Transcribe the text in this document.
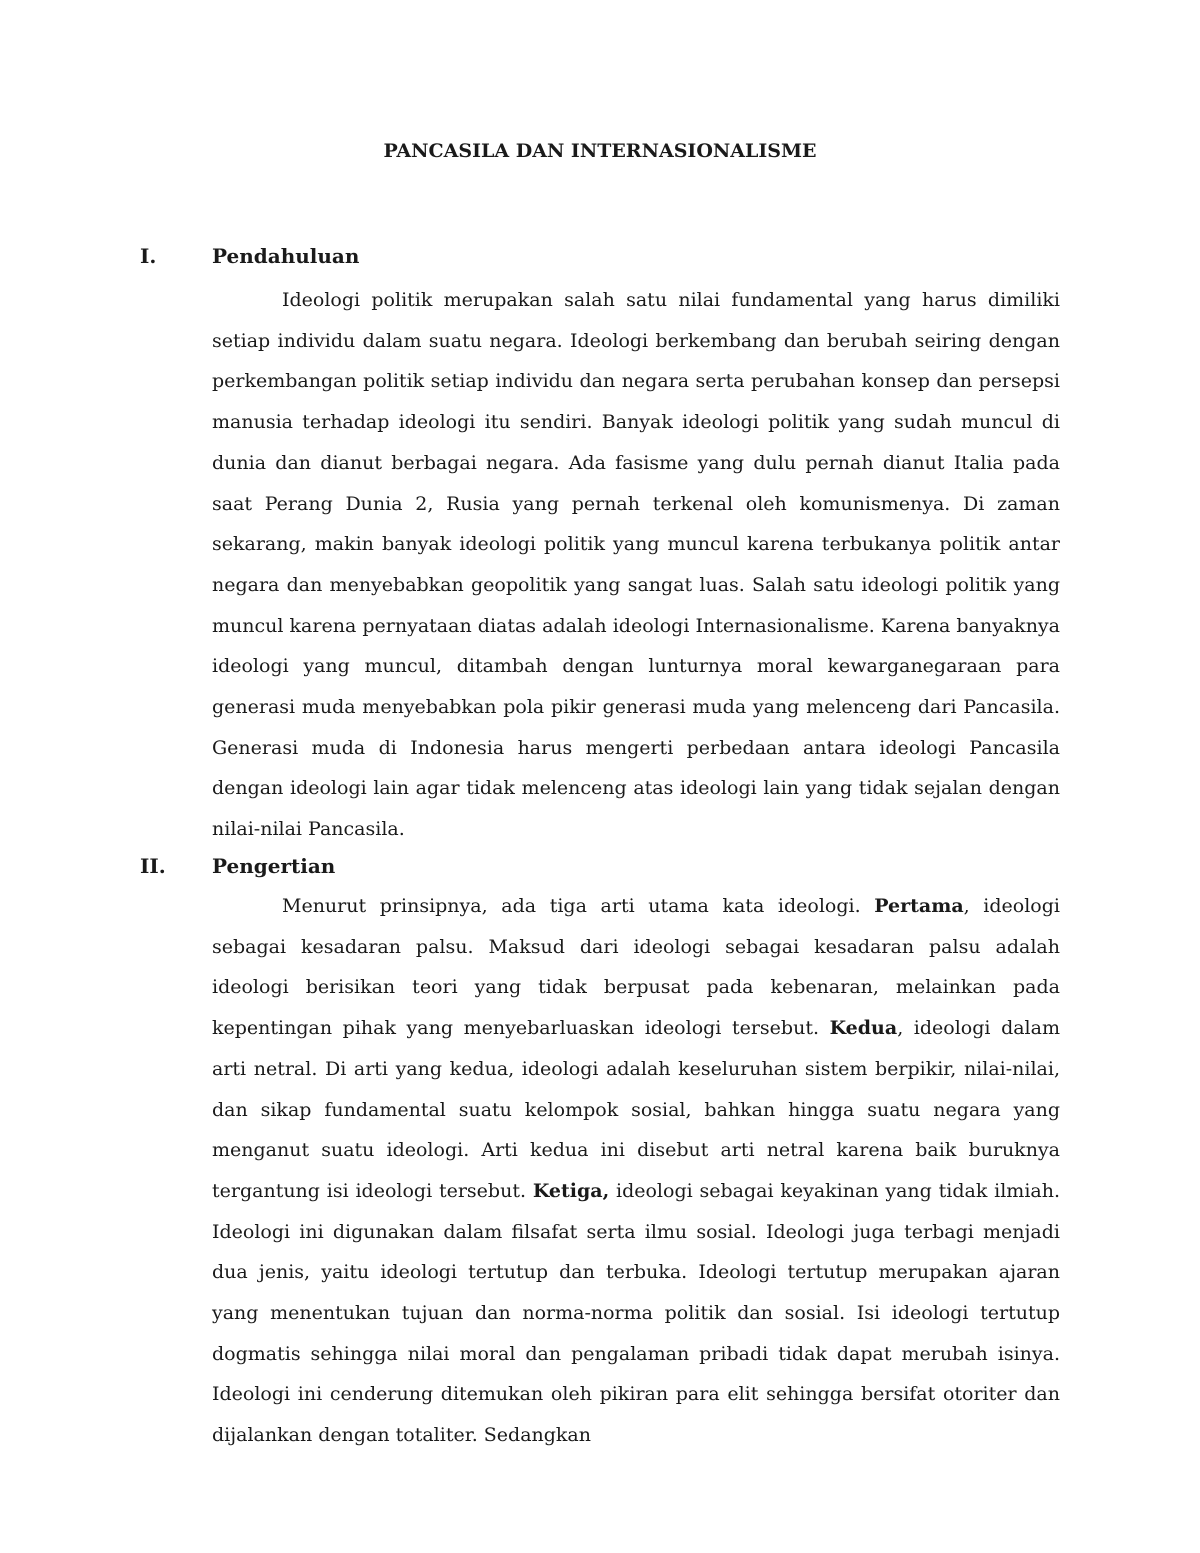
PANCASILA DAN INTERNASIONALISME
I.	Pendahuluan

Ideologi politik merupakan salah satu nilai fundamental yang harus dimiliki setiap individu dalam suatu negara. Ideologi berkembang dan berubah seiring dengan perkembangan politik setiap individu dan negara serta perubahan konsep dan persepsi manusia terhadap ideologi itu sendiri. Banyak ideologi politik yang sudah muncul di dunia dan dianut berbagai negara. Ada fasisme yang dulu pernah dianut Italia pada saat Perang Dunia 2, Rusia yang pernah terkenal oleh komunismenya. Di zaman sekarang, makin banyak ideologi politik yang muncul karena terbukanya politik antar negara dan menyebabkan geopolitik yang sangat luas. Salah satu ideologi politik yang muncul karena pernyataan diatas adalah ideologi Internasionalisme. Karena banyaknya ideologi yang muncul, ditambah dengan lunturnya moral kewarganegaraan para generasi muda menyebabkan pola pikir generasi muda yang melenceng dari Pancasila. Generasi muda di Indonesia harus mengerti perbedaan antara ideologi Pancasila dengan ideologi lain agar tidak melenceng atas ideologi lain yang tidak sejalan dengan nilai-nilai Pancasila.

II. Pengertian

Menurut prinsipnya, ada tiga arti utama kata ideologi. Pertama, ideologi sebagai kesadaran palsu. Maksud dari ideologi sebagai kesadaran palsu adalah ideologi berisikan teori yang tidak berpusat pada kebenaran, melainkan pada kepentingan pihak yang menyebarluaskan ideologi tersebut. Kedua, ideologi dalam arti netral. Di arti yang kedua, ideologi adalah keseluruhan sistem berpikir, nilai-nilai, dan sikap fundamental suatu kelompok sosial, bahkan hingga suatu negara yang menganut suatu ideologi. Arti kedua ini disebut arti netral karena baik buruknya tergantung isi ideologi tersebut. Ketiga, ideologi sebagai keyakinan yang tidak ilmiah. Ideologi ini digunakan dalam filsafat serta ilmu sosial. Ideologi juga terbagi menjadi dua jenis, yaitu ideologi tertutup dan terbuka. Ideologi tertutup merupakan ajaran yang menentukan tujuan dan norma-norma politik dan sosial. Isi ideologi tertutup dogmatis sehingga nilai moral dan pengalaman pribadi tidak dapat merubah isinya. Ideologi ini cenderung ditemukan oleh pikiran para elit sehingga bersifat otoriter dan dijalankan dengan totaliter. Sedangkan
